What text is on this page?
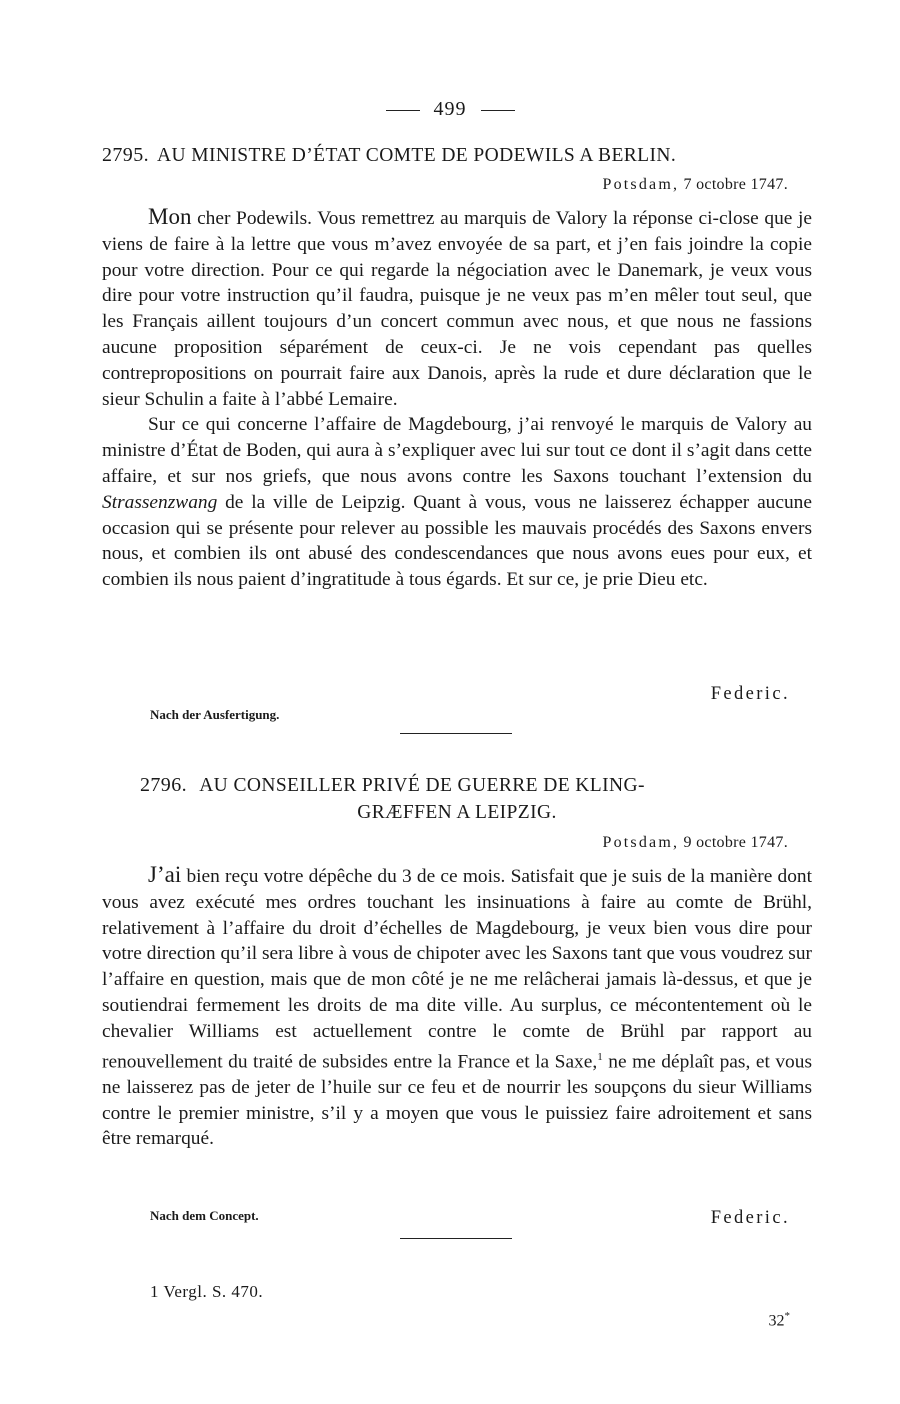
499
2795. AU MINISTRE D’ÉTAT COMTE DE PODEWILS A BERLIN.
Potsdam, 7 octobre 1747.

Mon cher Podewils. Vous remettrez au marquis de Valory la réponse ci-close que je viens de faire à la lettre que vous m’avez envoyée de sa part, et j’en fais joindre la copie pour votre direction. Pour ce qui regarde la négociation avec le Danemark, je veux vous dire pour votre instruction qu’il faudra, puisque je ne veux pas m’en mêler tout seul, que les Français aillent toujours d’un concert commun avec nous, et que nous ne fassions aucune proposition séparément de ceux-ci. Je ne vois cependant pas quelles contrepropositions on pourrait faire aux Danois, après la rude et dure déclaration que le sieur Schulin a faite à l’abbé Lemaire.

Sur ce qui concerne l’affaire de Magdebourg, j’ai renvoyé le marquis de Valory au ministre d’État de Boden, qui aura à s’expliquer avec lui sur tout ce dont il s’agit dans cette affaire, et sur nos griefs, que nous avons contre les Saxons touchant l’extension du Strassenzwang de la ville de Leipzig. Quant à vous, vous ne laisserez échapper aucune occasion qui se présente pour relever au possible les mauvais procédés des Saxons envers nous, et combien ils ont abusé des condescendances que nous avons eues pour eux, et combien ils nous paient d’ingratitude à tous égards. Et sur ce, je prie Dieu etc.

Federic.
Nach der Ausfertigung.
2796. AU CONSEILLER PRIVÉ DE GUERRE DE KLING-
GRÆFFEN A LEIPZIG.
Potsdam, 9 octobre 1747.

J’ai bien reçu votre dépêche du 3 de ce mois. Satisfait que je suis de la manière dont vous avez exécuté mes ordres touchant les insinuations à faire au comte de Brühl, relativement à l’affaire du droit d’échelles de Magdebourg, je veux bien vous dire pour votre direction qu’il sera libre à vous de chipoter avec les Saxons tant que vous voudrez sur l’affaire en question, mais que de mon côté je ne me relâcherai jamais là-dessus, et que je soutiendrai fermement les droits de ma dite ville. Au surplus, ce mécontentement où le chevalier Williams est actuellement contre le comte de Brühl par rapport au renouvellement du traité de subsides entre la France et la Saxe,$^1$ ne me déplaît pas, et vous ne laisserez pas de jeter de l’huile sur ce feu et de nourrir les soupçons du sieur Williams contre le premier ministre, s’il y a moyen que vous le puissiez faire adroitement et sans être remarqué.

Federic.
Nach dem Concept.
1 Vergl. S. 470.
32*
